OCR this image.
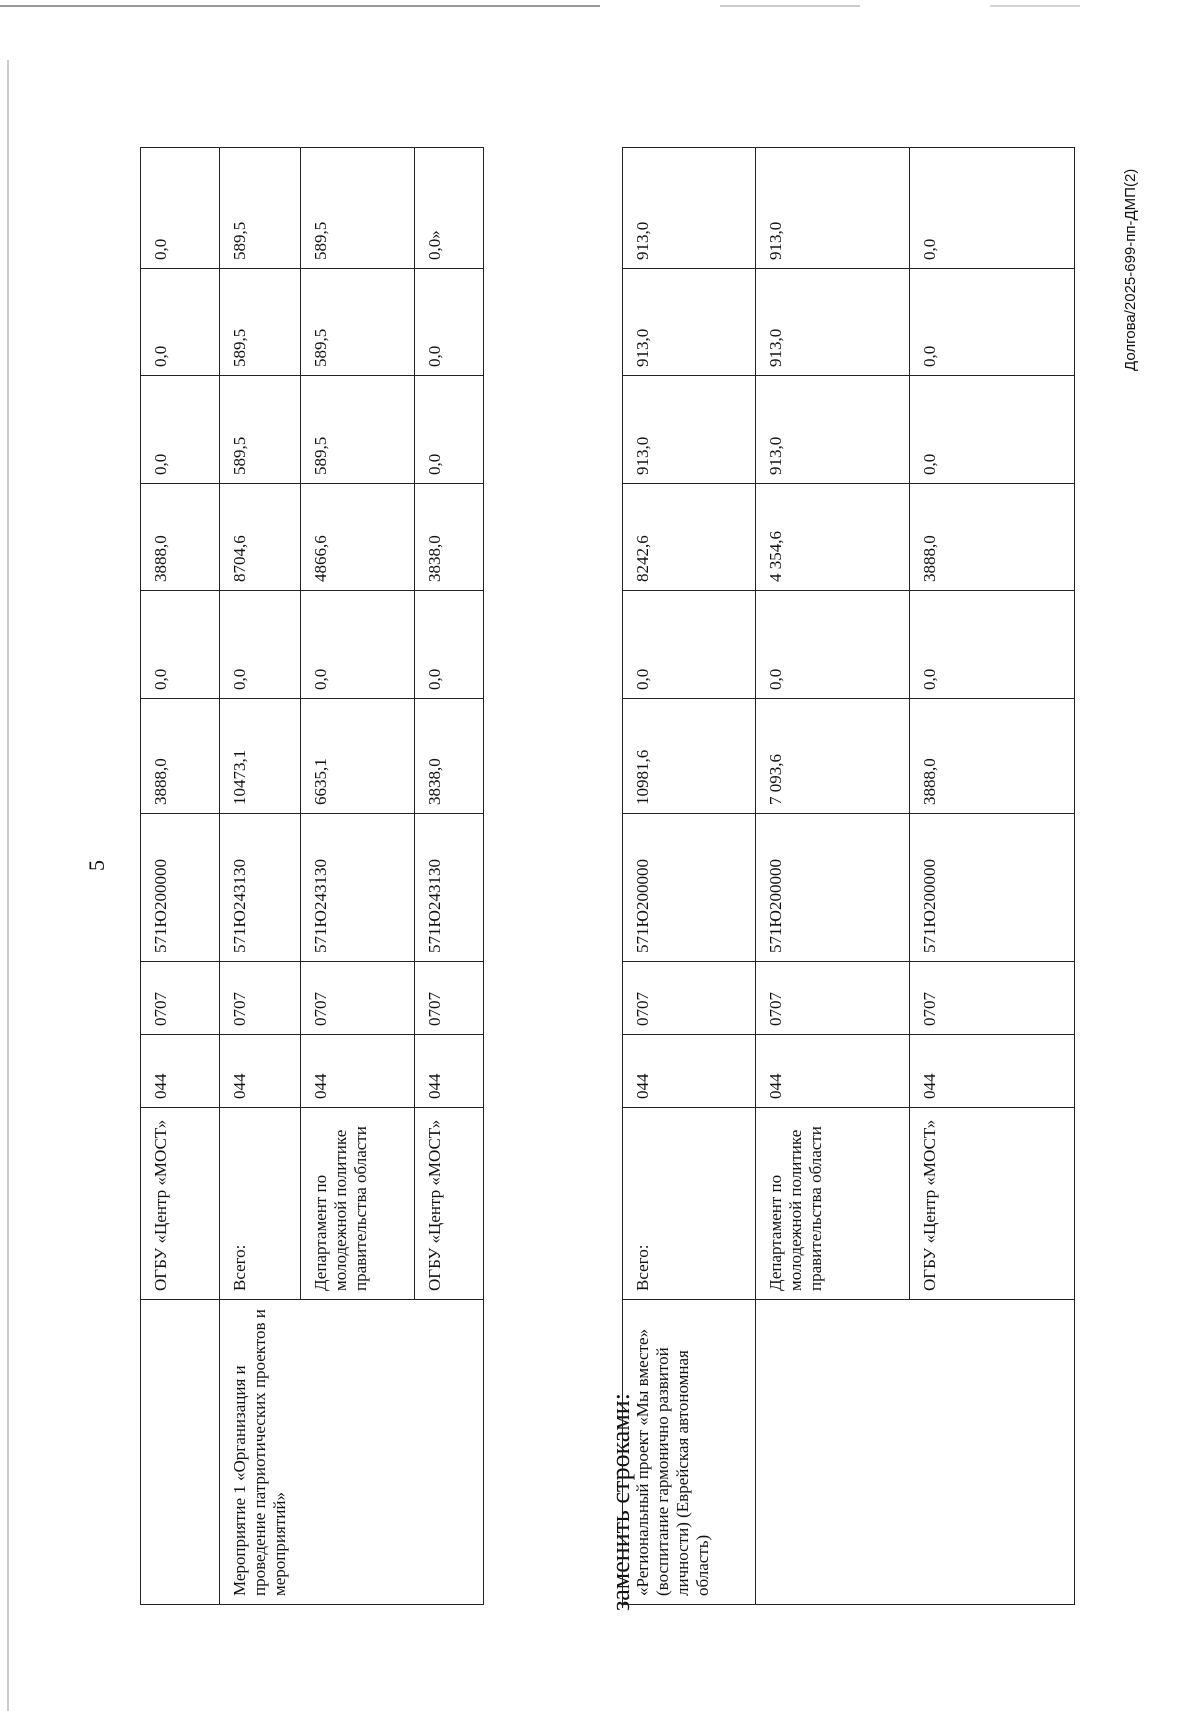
5
	ОГБУ «Центр «МОСТ»	044	0707	571Ю200000	3888,0	0,0	3888,0	0,0	0,0	0,0
Мероприятие 1 «Организация и проведение патриотических проектов и мероприятий»	Всего:	044	0707	571Ю243130	10473,1	0,0	8704,6	589,5	589,5	589,5
	Департамент по молодежной политике правительства области	044	0707	571Ю243130	6635,1	0,0	4866,6	589,5	589,5	589,5
	ОГБУ «Центр «МОСТ»	044	0707	571Ю243130	3838,0	0,0	3838,0	0,0	0,0	0,0»
заменить строками:
«Региональный проект «Мы вместе» (воспитание гармонично развитой личности) (Еврейская автономная область)	Всего:	044	0707	571Ю200000	10981,6	0,0	8242,6	913,0	913,0	913,0
	Департамент по молодежной политике правительства области	044	0707	571Ю200000	7 093,6	0,0	4 354,6	913,0	913,0	913,0
	ОГБУ «Центр «МОСТ»	044	0707	571Ю200000	3888,0	0,0	3888,0	0,0	0,0	0,0	Долгова/2025-699-пп-ДМП(2)
